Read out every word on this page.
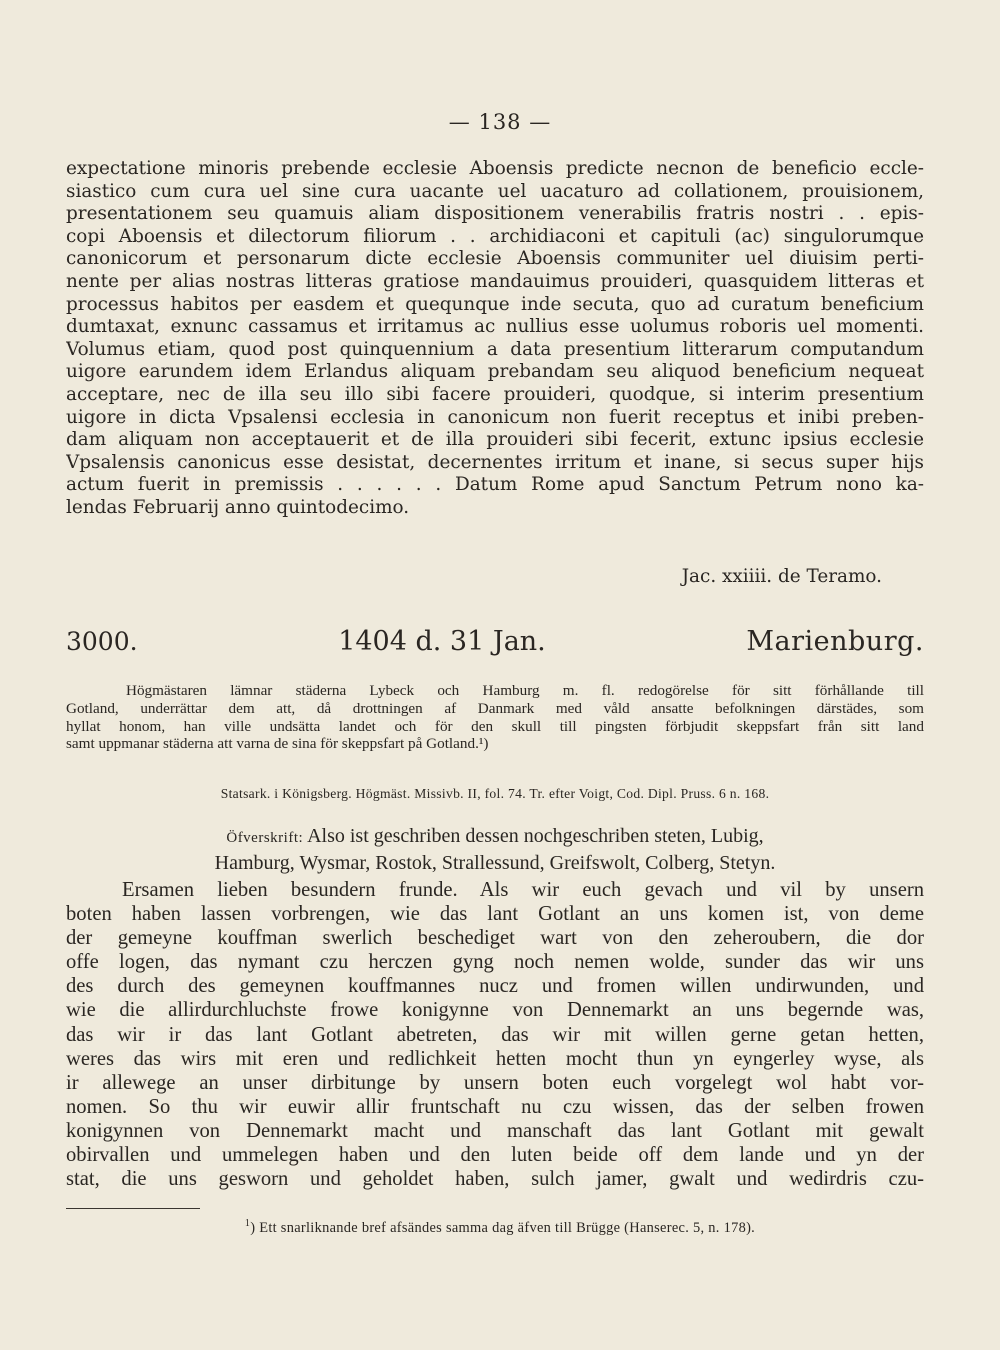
— 138 —
expectatione minoris prebende ecclesie Aboensis predicte necnon de beneficio eccle-
siastico cum cura uel sine cura uacante uel uacaturo ad collationem, prouisionem,
presentationem seu quamuis aliam dispositionem venerabilis fratris nostri . . epis-
copi Aboensis et dilectorum filiorum . . archidiaconi et capituli (ac) singulorumque
canonicorum et personarum dicte ecclesie Aboensis communiter uel diuisim perti-
nente per alias nostras litteras gratiose mandauimus prouideri, quasquidem litteras et
processus habitos per easdem et quequnque inde secuta, quo ad curatum beneficium
dumtaxat, exnunc cassamus et irritamus ac nullius esse uolumus roboris uel momenti.
Volumus etiam, quod post quinquennium a data presentium litterarum computandum
uigore earundem idem Erlandus aliquam prebandam seu aliquod beneficium nequeat
acceptare, nec de illa seu illo sibi facere prouideri, quodque, si interim presentium
uigore in dicta Vpsalensi ecclesia in canonicum non fuerit receptus et inibi preben-
dam aliquam non acceptauerit et de illa prouideri sibi fecerit, extunc ipsius ecclesie
Vpsalensis canonicus esse desistat, decernentes irritum et inane, si secus super hijs
actum fuerit in premissis . . . . . . Datum Rome apud Sanctum Petrum nono ka-
lendas Februarij anno quintodecimo.
Jac. xxiiii. de Teramo.
3000.	1404 d. 31 Jan.	Marienburg.
Högmästaren lämnar städerna Lybeck och Hamburg m. fl. redogörelse för sitt förhållande till
Gotland, underrättar dem att, då drottningen af Danmark med våld ansatte befolkningen därstädes, som
hyllat honom, han ville undsätta landet och för den skull till pingsten förbjudit skeppsfart från sitt land
samt uppmanar städerna att varna de sina för skeppsfart på Gotland.¹)
Statsark. i Königsberg. Högmäst. Missivb. II, fol. 74. Tr. efter Voigt, Cod. Dipl. Pruss. 6 n. 168.
Öfverskrift: Also ist geschriben dessen nochgeschriben steten, Lubig,
Hamburg, Wysmar, Rostok, Strallessund, Greifswolt, Colberg, Stetyn.
Ersamen lieben besundern frunde. Als wir euch gevach und vil by unsern
boten haben lassen vorbrengen, wie das lant Gotlant an uns komen ist, von deme
der gemeyne kouffman swerlich beschediget wart von den zeheroubern, die dor
offe logen, das nymant czu herczen gyng noch nemen wolde, sunder das wir uns
des durch des gemeynen kouffmannes nucz und fromen willen undirwunden, und
wie die allirdurchluchste frowe konigynne von Dennemarkt an uns begernde was,
das wir ir das lant Gotlant abetreten, das wir mit willen gerne getan hetten,
weres das wirs mit eren und redlichkeit hetten mocht thun yn eyngerley wyse, als
ir allewege an unser dirbitunge by unsern boten euch vorgelegt wol habt vor-
nomen. So thu wir euwir allir fruntschaft nu czu wissen, das der selben frowen
konigynnen von Dennemarkt macht und manschaft das lant Gotlant mit gewalt
obirvallen und ummelegen haben und den luten beide off dem lande und yn der
stat, die uns gesworn und geholdet haben, sulch jamer, gwalt und wedirdris czu-
$^1$) Ett snarliknande bref afsändes samma dag äfven till Brügge (Hanserec. 5, n. 178).
